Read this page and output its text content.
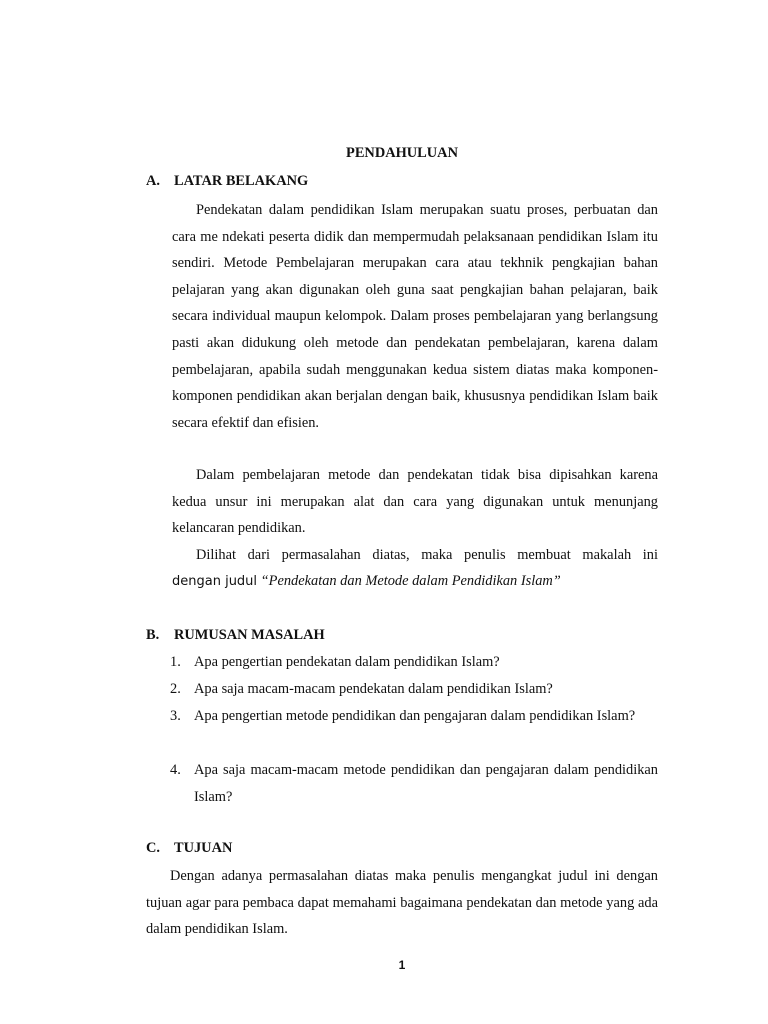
PENDAHULUAN
A. LATAR BELAKANG

Pendekatan dalam pendidikan Islam merupakan suatu proses, perbuatan dan cara me ndekati peserta didik dan mempermudah pelaksanaan pendidikan Islam itu sendiri. Metode Pembelajaran merupakan cara atau tekhnik pengkajian bahan pelajaran yang akan digunakan oleh guna saat pengkajian bahan pelajaran, baik secara individual maupun kelompok. Dalam proses pembelajaran yang berlangsung pasti akan didukung oleh metode dan pendekatan pembelajaran, karena dalam pembelajaran, apabila sudah menggunakan kedua sistem diatas maka komponen-komponen pendidikan akan berjalan dengan baik, khususnya pendidikan Islam baik secara efektif dan efisien.

Dalam pembelajaran metode dan pendekatan tidak bisa dipisahkan karena kedua unsur ini merupakan alat dan cara yang digunakan untuk menunjang kelancaran pendidikan.

Dilihat dari permasalahan diatas, maka penulis membuat makalah ini

dengan judul “Pendekatan dan Metode dalam Pendidikan Islam”
B. RUMUSAN MASALAH
1. Apa pengertian pendekatan dalam pendidikan Islam?
2. Apa saja macam-macam pendekatan dalam pendidikan Islam?
3. Apa pengertian metode pendidikan dan pengajaran dalam pendidikan Islam?
4. Apa saja macam-macam metode pendidikan dan pengajaran dalam pendidikan Islam?
C. TUJUAN

Dengan adanya permasalahan diatas maka penulis mengangkat judul ini dengan tujuan agar para pembaca dapat memahami bagaimana pendekatan dan metode yang ada dalam pendidikan Islam.

1
